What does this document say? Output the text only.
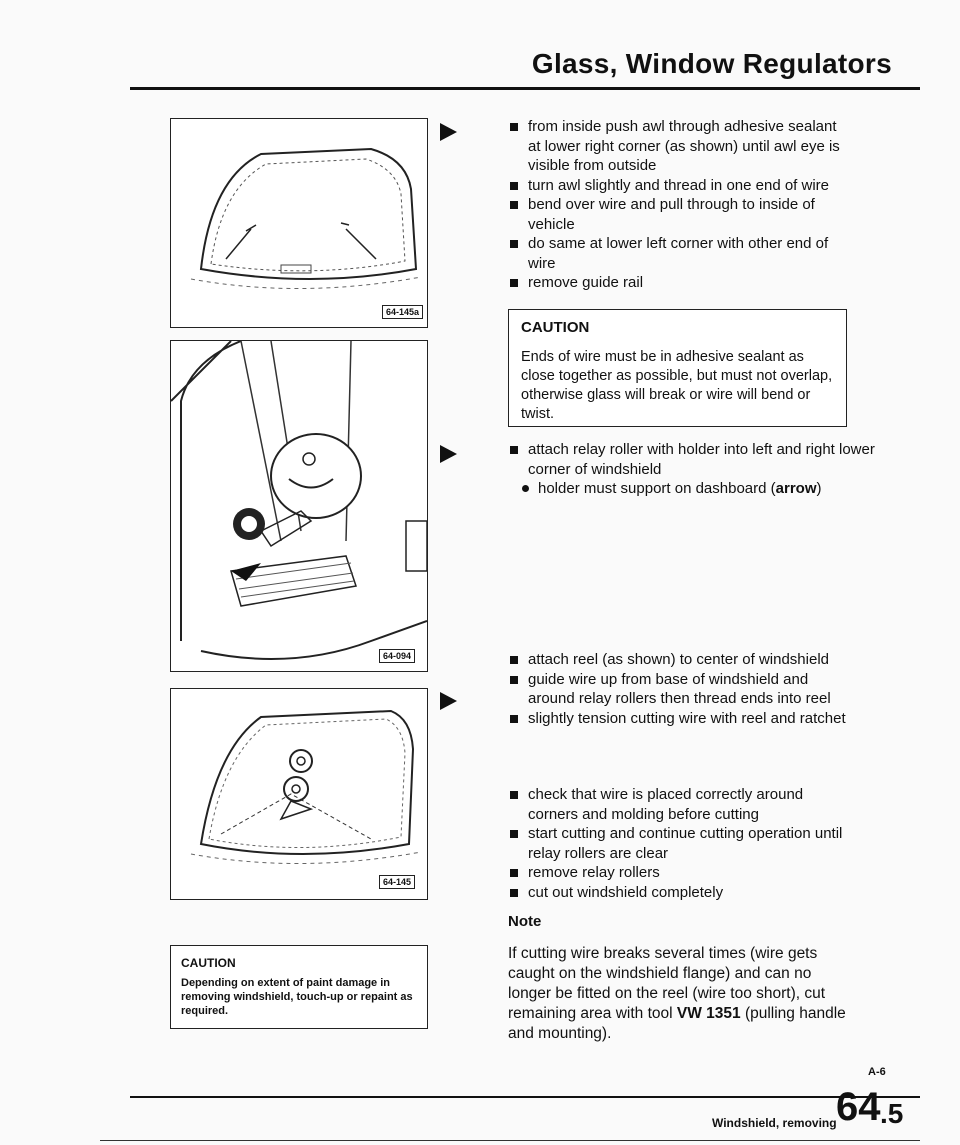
Glass, Window Regulators
64-145a
64-094
64-145
CAUTION
Depending on extent of paint damage in removing windshield, touch-up or repaint as required.
from inside push awl through adhesive sealant at lower right corner (as shown) until awl eye is visible from outside
turn awl slightly and thread in one end of wire
bend over wire and pull through to inside of vehicle
do same at lower left corner with other end of wire
remove guide rail
CAUTION
Ends of wire must be in adhesive sealant as close together as possible, but must not overlap, otherwise glass will break or wire will bend or twist.
attach relay roller with holder into left and right lower corner of windshield
holder must support on dashboard (arrow)
attach reel (as shown) to center of windshield
guide wire up from base of windshield and around relay rollers then thread ends into reel
slightly tension cutting wire with reel and ratchet
check that wire is placed correctly around corners and molding before cutting
start cutting and continue cutting operation until relay rollers are clear
remove relay rollers
cut out windshield completely
Note
If cutting wire breaks several times (wire gets caught on the windshield flange) and can no longer be fitted on the reel (wire too short), cut remaining area with tool VW 1351 (pulling handle and mounting).
A-6
Windshield, removing 64 .5
